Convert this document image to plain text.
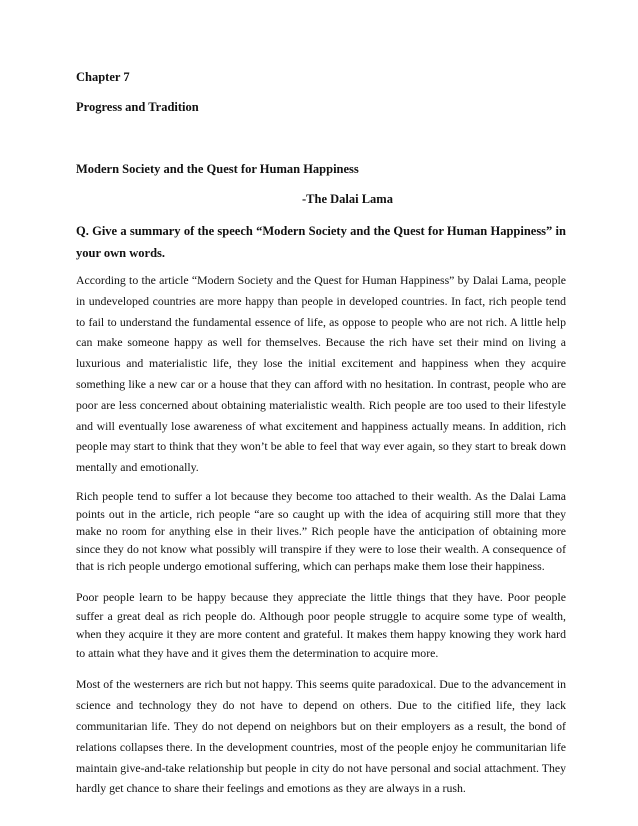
Chapter 7

Progress and Tradition

Modern Society and the Quest for Human Happiness

-The Dalai Lama

Q. Give a summary of the speech “Modern Society and the Quest for Human Happiness” in your own words.

According to the article “Modern Society and the Quest for Human Happiness” by Dalai Lama, people in undeveloped countries are more happy than people in developed countries. In fact, rich people tend to fail to understand the fundamental essence of life, as oppose to people who are not rich. A little help can make someone happy as well for themselves. Because the rich have set their mind on living a luxurious and materialistic life, they lose the initial excitement and happiness when they acquire something like a new car or a house that they can afford with no hesitation. In contrast, people who are poor are less concerned about obtaining materialistic wealth. Rich people are too used to their lifestyle and will eventually lose awareness of what excitement and happiness actually means. In addition, rich people may start to think that they won’t be able to feel that way ever again, so they start to break down mentally and emotionally.

Rich people tend to suffer a lot because they become too attached to their wealth. As the Dalai Lama points out in the article, rich people “are so caught up with the idea of acquiring still more that they make no room for anything else in their lives.” Rich people have the anticipation of obtaining more since they do not know what possibly will transpire if they were to lose their wealth. A consequence of that is rich people undergo emotional suffering, which can perhaps make them lose their happiness.

Poor people learn to be happy because they appreciate the little things that they have. Poor people suffer a great deal as rich people do. Although poor people struggle to acquire some type of wealth, when they acquire it they are more content and grateful. It makes them happy knowing they work hard to attain what they have and it gives them the determination to acquire more.

Most of the westerners are rich but not happy. This seems quite paradoxical. Due to the advancement in science and technology they do not have to depend on others. Due to the citified life, they lack communitarian life. They do not depend on neighbors but on their employers as a result, the bond of relations collapses there. In the development countries, most of the people enjoy he communitarian life maintain give-and-take relationship but people in city do not have personal and social attachment. They hardly get chance to share their feelings and emotions as they are always in a rush.
